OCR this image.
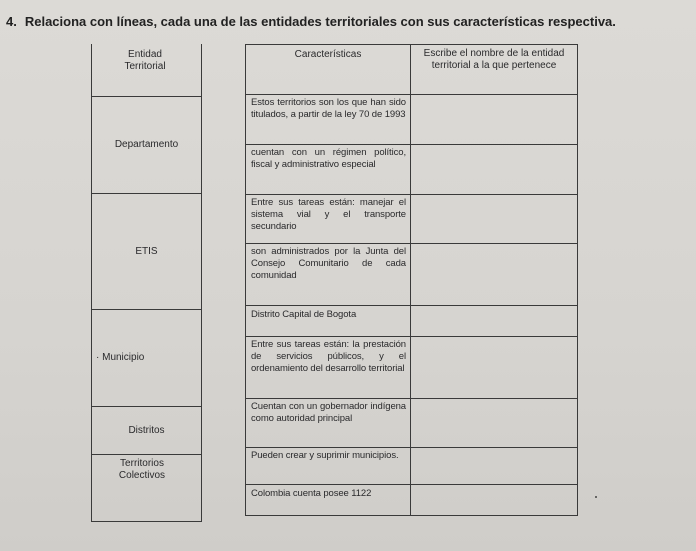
4. Relaciona con líneas, cada una de las entidades territoriales con sus características respectiva.
Entidad Territorial
Departamento
ETIS
· Municipio
Distritos
Territorios Colectivos
Características	Escribe el nombre de la entidad territorial a la que pertenece
Estos territorios son los que han sido titulados, a partir de la ley 70 de 1993
cuentan con un régimen político, fiscal y administrativo especial
Entre sus tareas están: manejar el sistema vial y el transporte secundario
son administrados por la Junta del Consejo Comunitario de cada comunidad
Distrito Capital de Bogota
Entre sus tareas están: la prestación de servicios públicos, y el ordenamiento del desarrollo territorial
Cuentan con un gobernador indígena como autoridad principal
Pueden crear y suprimir municipios.
Colombia cuenta posee 1122
